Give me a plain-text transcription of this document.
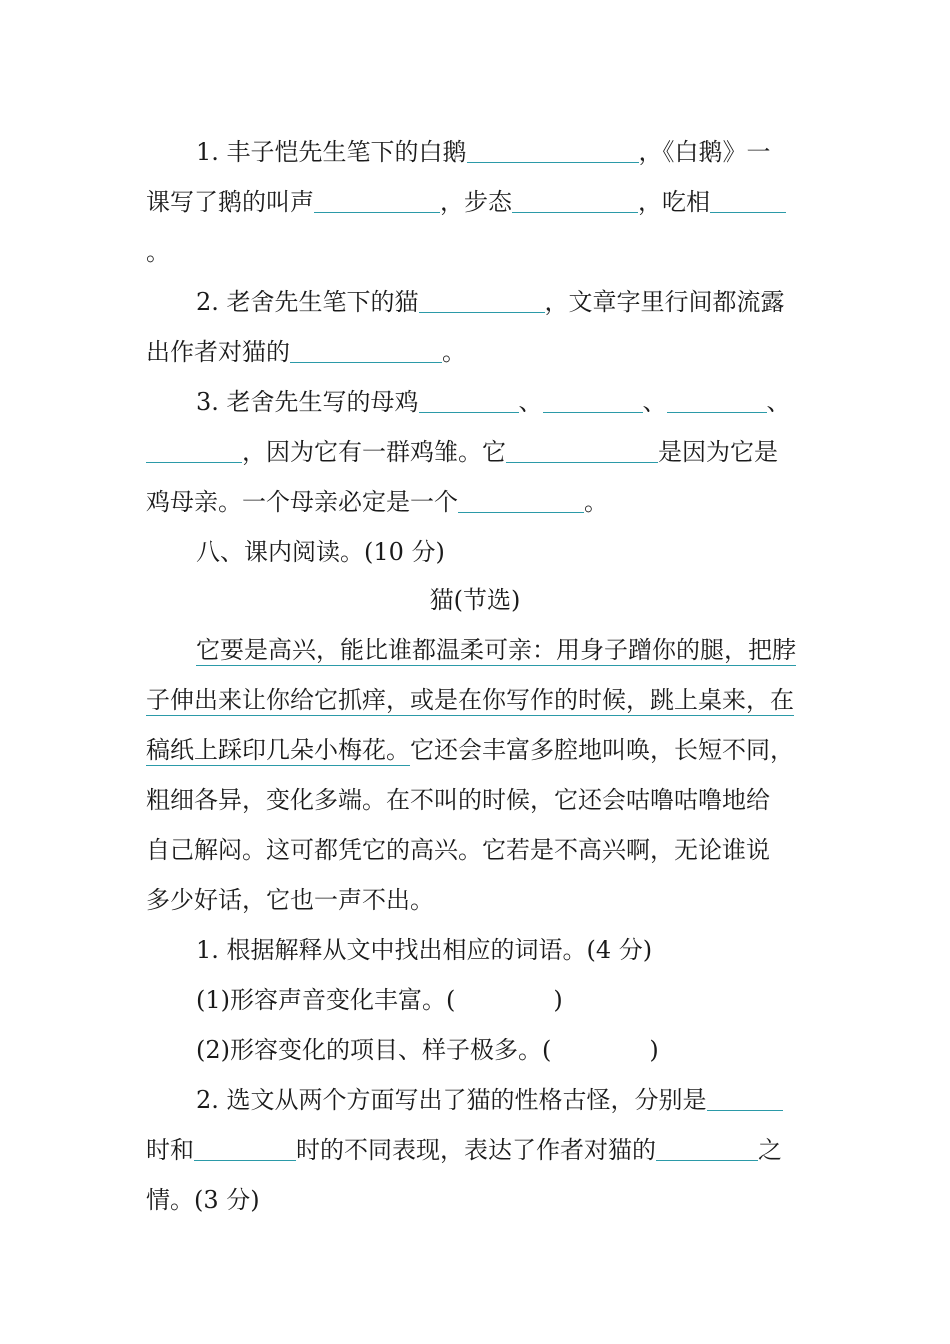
1. 丰子恺先生笔下的白鹅	，《白鹅》一
课写了鹅的叫声	，步态	，吃相
。
2. 老舍先生笔下的猫	，文章字里行间都流露
出作者对猫的	。
3. 老舍先生写的母鸡	、	、	、
，因为它有一群鸡雏。它	是因为它是
鸡母亲。一个母亲必定是一个	。
八、课内阅读。(10 分)
猫(节选)
它要是高兴，能比谁都温柔可亲：用身子蹭你的腿，把脖
子伸出来让你给它抓痒，或是在你写作的时候，跳上桌来，在
稿纸上踩印几朵小梅花。它还会丰富多腔地叫唤，长短不同，
粗细各异，变化多端。在不叫的时候，它还会咕噜咕噜地给
自己解闷。这可都凭它的高兴。它若是不高兴啊，无论谁说
多少好话，它也一声不出。
1. 根据解释从文中找出相应的词语。(4 分)
(1)形容声音变化丰富。(	)
(2)形容变化的项目、样子极多。(	)
2. 选文从两个方面写出了猫的性格古怪，分别是
时和	时的不同表现，表达了作者对猫的	之
情。(3 分)
